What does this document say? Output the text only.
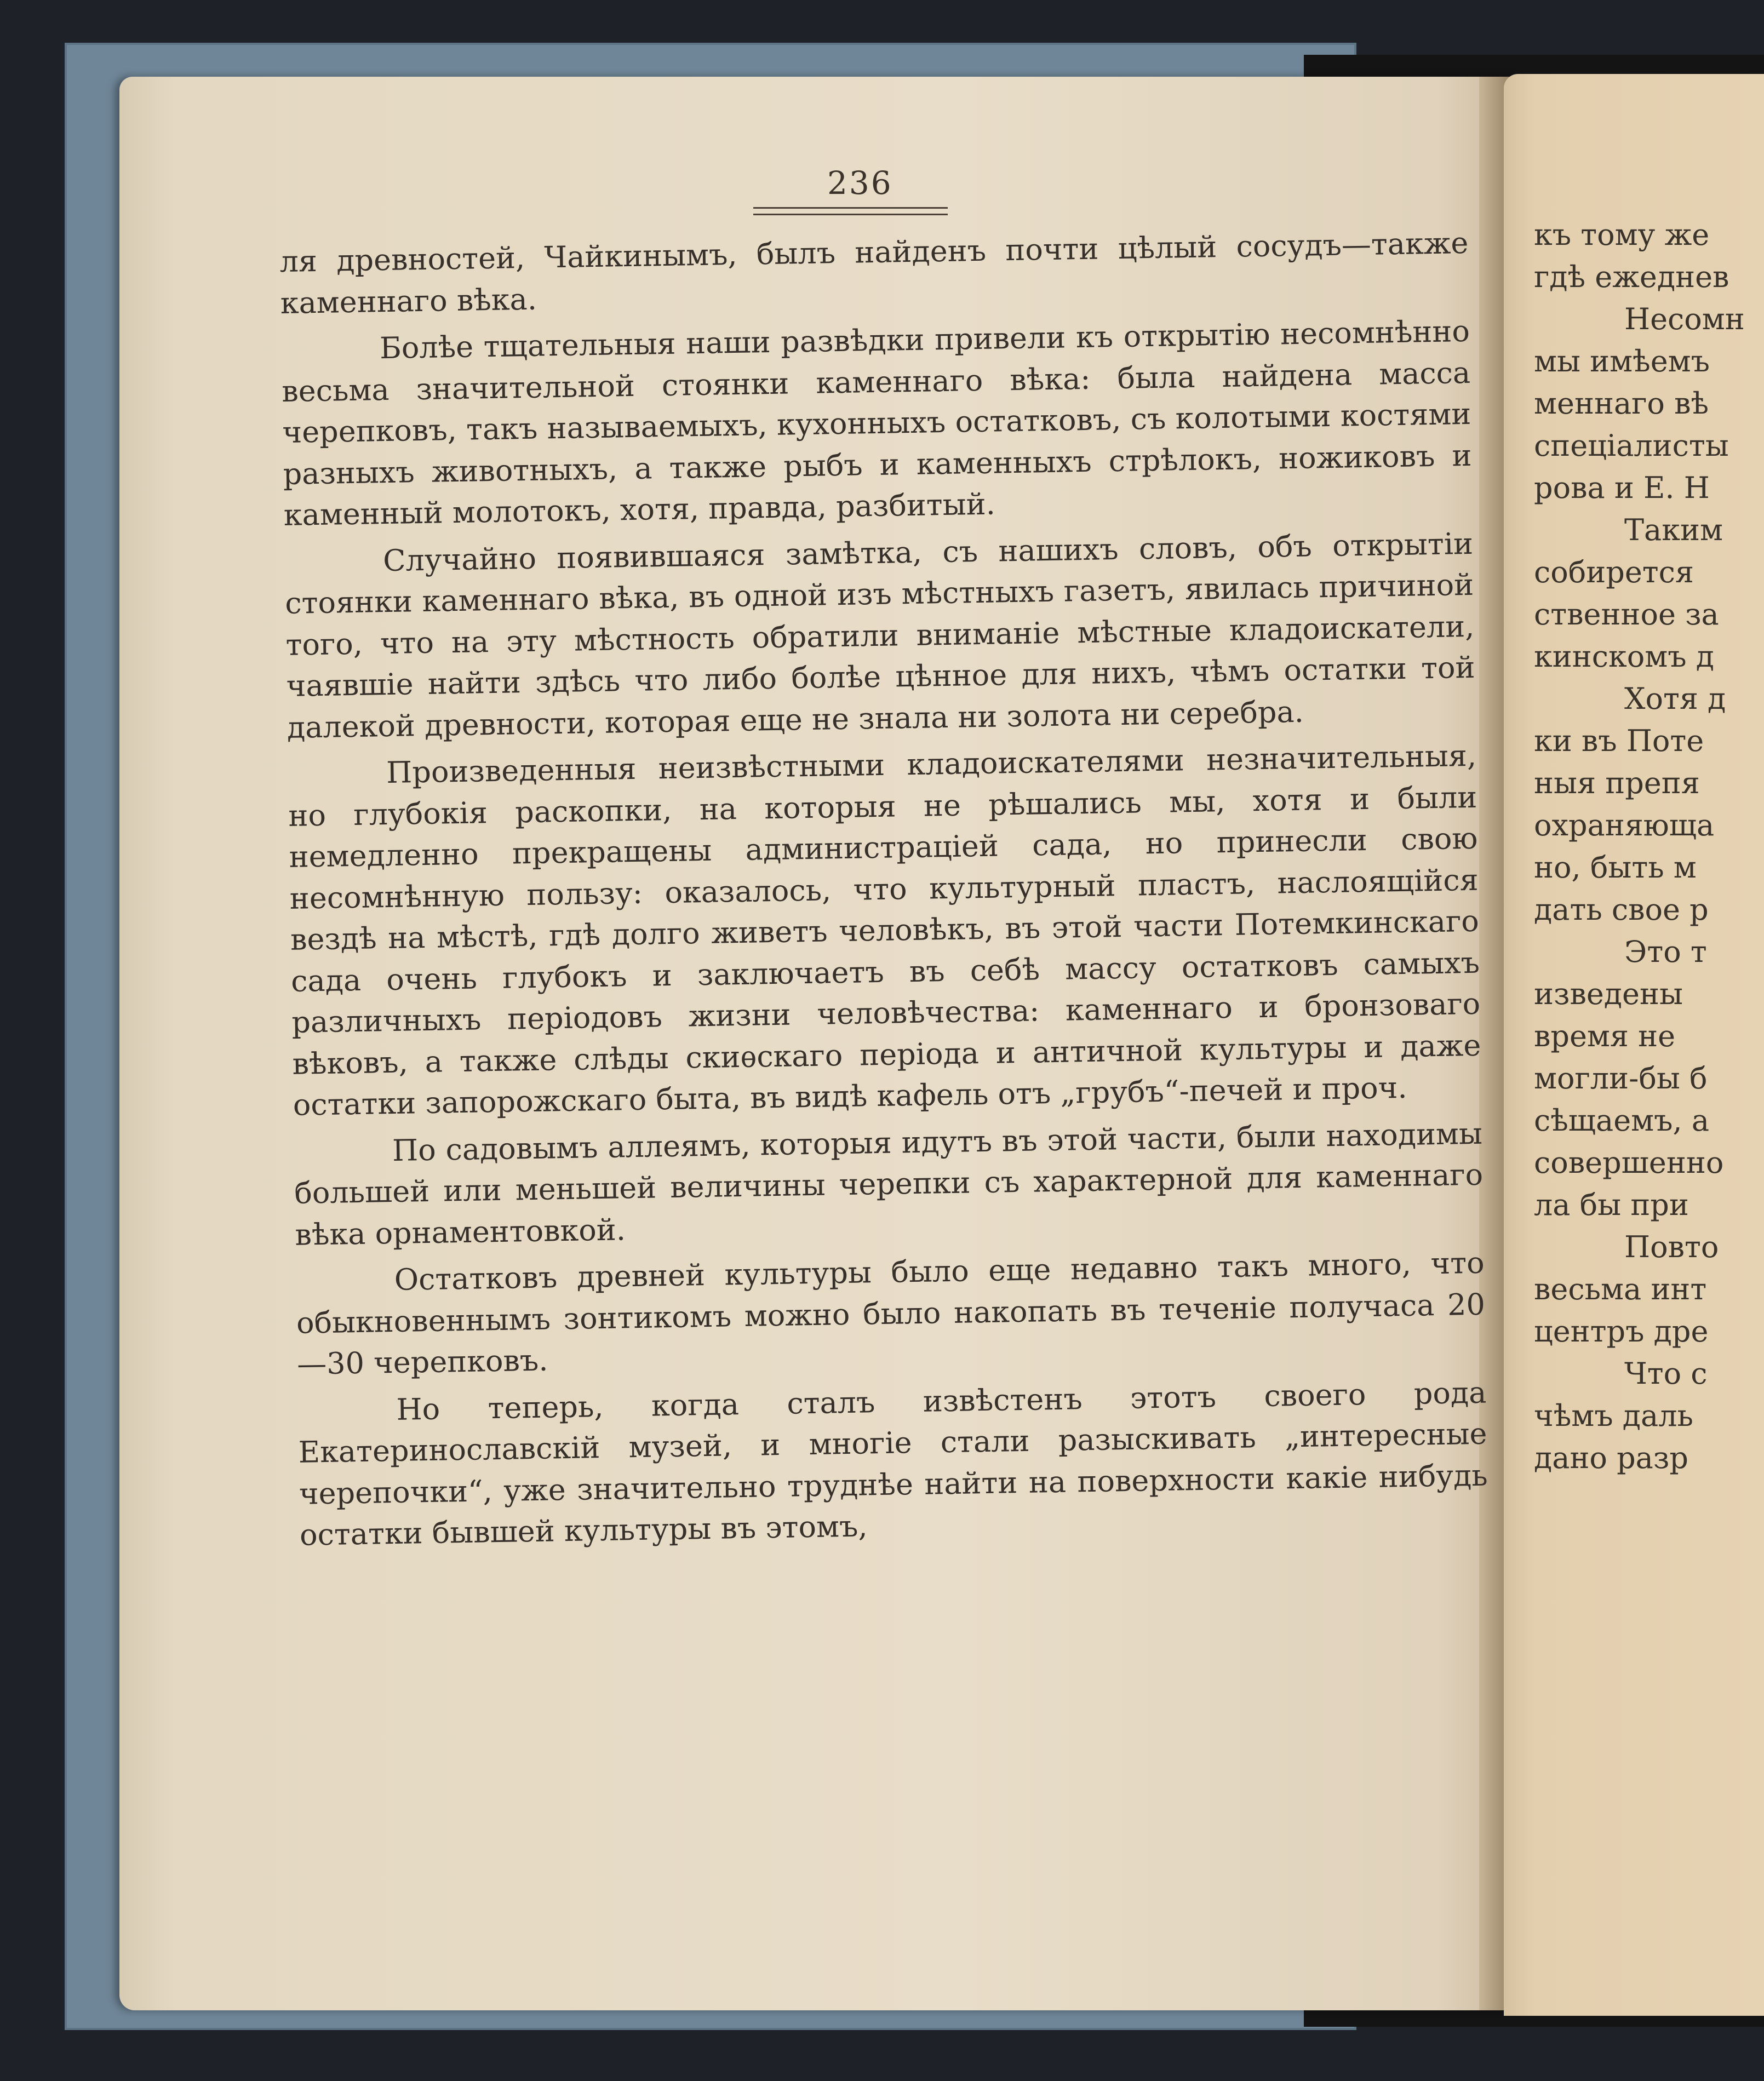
236

ля древностей, Чайкинымъ, былъ найденъ почти цѣлый сосудъ—также каменнаго вѣка.

Болѣе тщательныя наши развѣдки привели къ открытію несомнѣнно весьма значительной стоянки каменнаго вѣка: была найдена масса черепковъ, такъ называемыхъ, кухонныхъ остатковъ, съ колотыми костями разныхъ животныхъ, а также рыбъ и каменныхъ стрѣлокъ, ножиковъ и каменный молотокъ, хотя, правда, разбитый.

Случайно появившаяся замѣтка, съ нашихъ словъ, объ открытіи стоянки каменнаго вѣка, въ одной изъ мѣстныхъ газетъ, явилась причиной того, что на эту мѣстность обратили вниманіе мѣстные кладоискатели, чаявшіе найти здѣсь что либо болѣе цѣнное для нихъ, чѣмъ остатки той далекой древности, которая еще не знала ни золота ни серебра.

Произведенныя неизвѣстными кладоискателями незначительныя, но глубокія раскопки, на которыя не рѣшались мы, хотя и были немедленно прекращены администраціей сада, но принесли свою несомнѣнную пользу: оказалось, что культурный пластъ, наслоящійся вездѣ на мѣстѣ, гдѣ долго живетъ человѣкъ, въ этой части Потемкинскаго сада очень глубокъ и заключаетъ въ себѣ массу остатковъ самыхъ различныхъ періодовъ жизни человѣчества: каменнаго и бронзоваго вѣковъ, а также слѣды скиѳскаго періода и античной культуры и даже остатки запорожскаго быта, въ видѣ кафель отъ „грубъ“-печей и проч.

По садовымъ аллеямъ, которыя идутъ въ этой части, были находимы большей или меньшей величины черепки съ характерной для каменнаго вѣка орнаментовкой.

Остатковъ древней культуры было еще недавно такъ много, что обыкновеннымъ зонтикомъ можно было накопать въ теченіе получаса 20—30 черепковъ.

Но теперь, когда сталъ извѣстенъ этотъ своего рода Екатеринославскій музей, и многіе стали разыскивать „интересные черепочки“, уже значительно труднѣе найти на поверхности какіе нибудь остатки бывшей культуры въ этомъ,

къ тому же
гдѣ ежеднев
Несомн
мы имѣемъ
меннаго вѣ
спеціалисты
рова и Е. Н
Таким
собирется
ственное за
кинскомъ д
Хотя д
ки въ Поте
ныя препя
охраняюща
но, быть м
дать свое р
Это т
изведены
время не
могли-бы б
сѣщаемъ, а
совершенно
ла бы при
Повто
весьма инт
центръ дре
Что с
чѣмъ даль
дано разр
